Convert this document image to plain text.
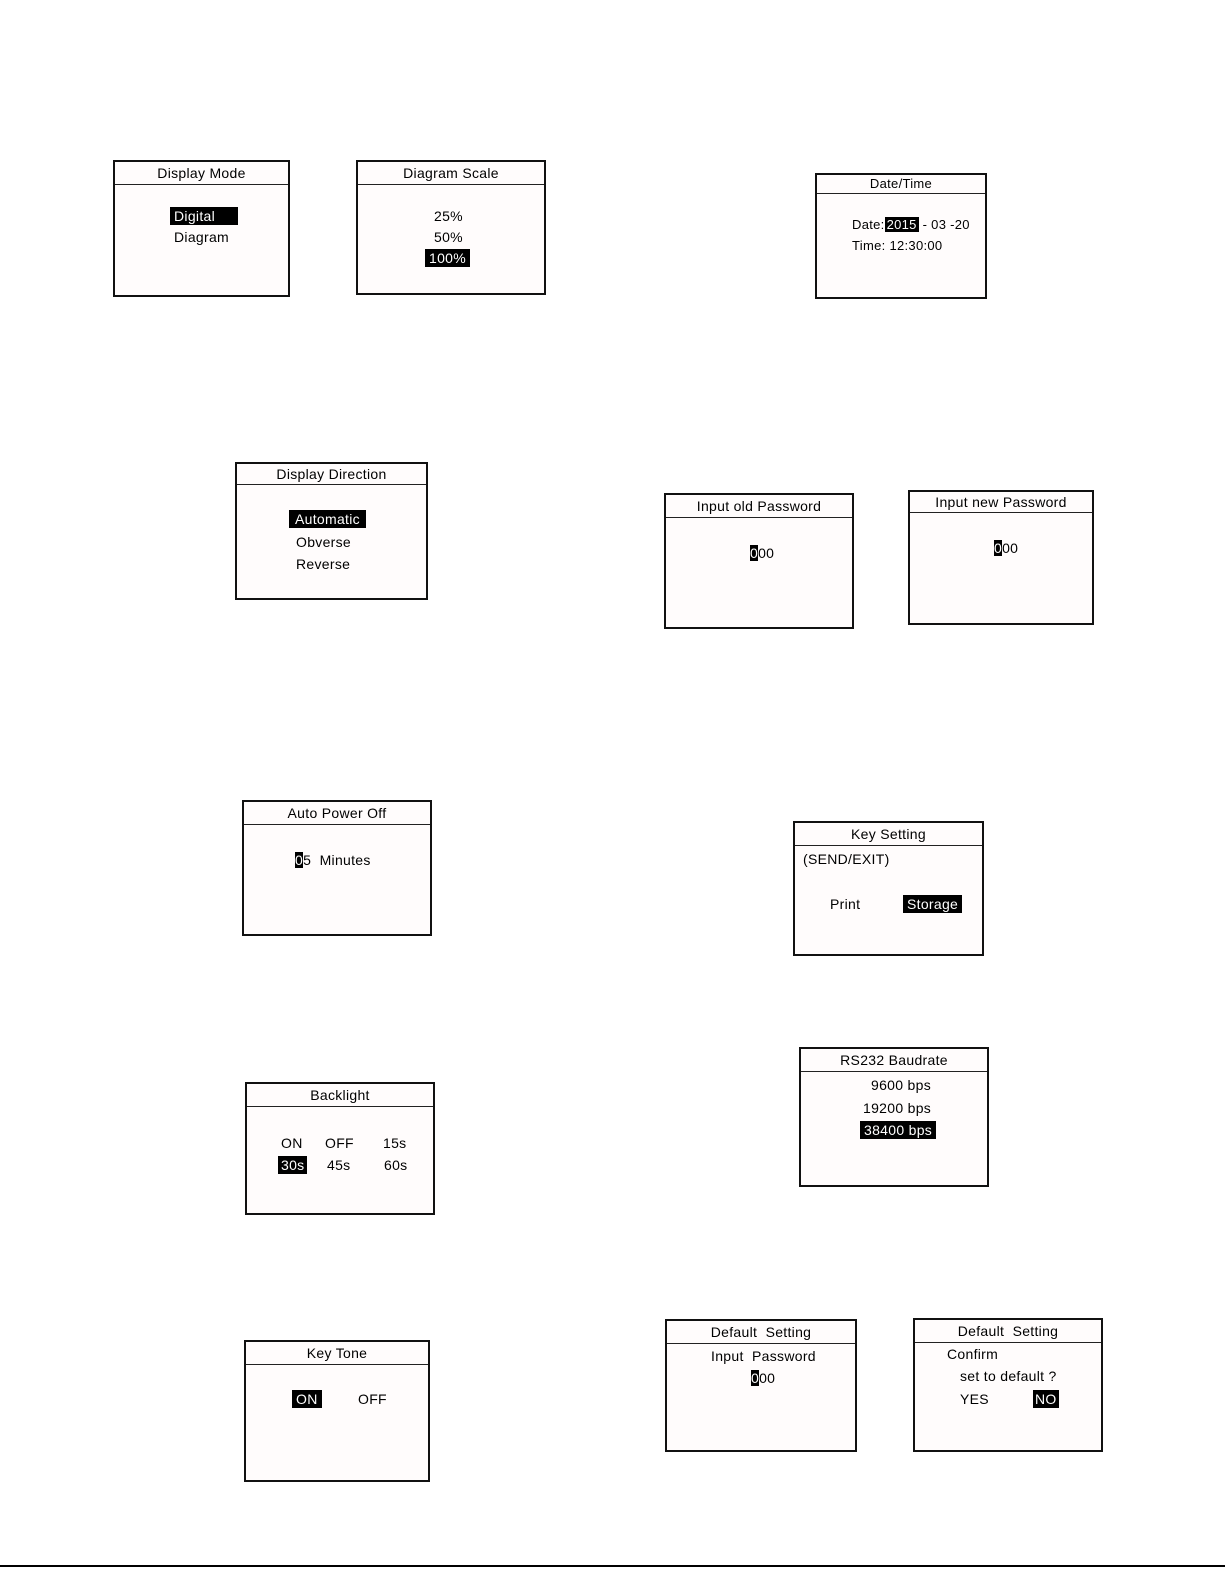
Display Mode
Digital
Diagram
Diagram Scale
25%
50%
100%
Date/Time
Date: 2015 - 03 -20
Time: 12:30:00
Display Direction
Automatic
Obverse
Reverse
Input old Password
000
Input new Password
000
Auto Power Off
05 Minutes
Key Setting
(SEND/EXIT)
Print	Storage
Backlight
ON OFF 15s
30s 45s 60s
RS232 Baudrate
9600 bps
19200 bps
38400 bps
Key Tone
ON	OFF
Default  Setting
Input  Password
000
Default  Setting
Confirm
set to default ?
YES	NO
